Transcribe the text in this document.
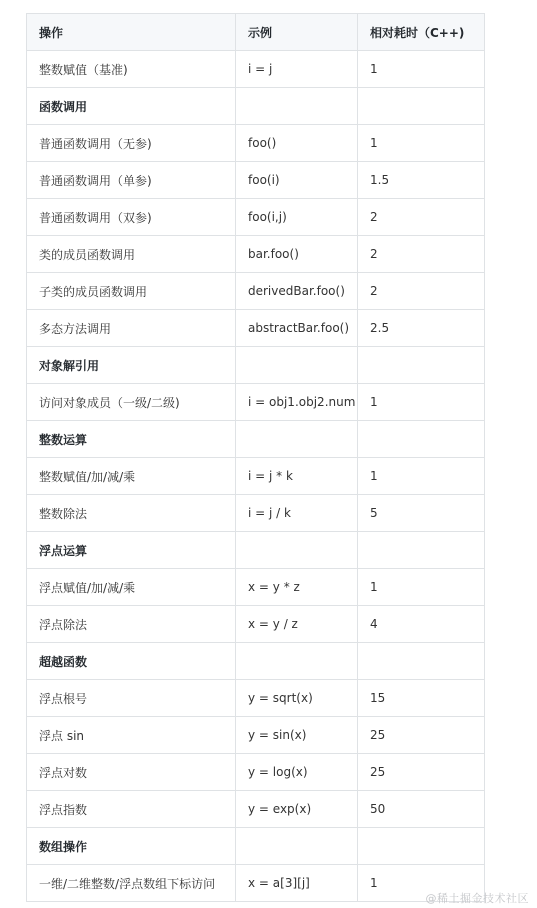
操作	示例	相对耗时（C++)
整数赋值（基准)	i = j	1
函数调用		
普通函数调用（无参)	foo()	1
普通函数调用（单参)	foo(i)	1.5
普通函数调用（双参)	foo(i,j)	2
类的成员函数调用	bar.foo()	2
子类的成员函数调用	derivedBar.foo()	2
多态方法调用	abstractBar.foo()	2.5
对象解引用		
访问对象成员（一级/二级)	i = obj1.obj2.num	1
整数运算		
整数赋值/加/减/乘	i = j * k	1
整数除法	i = j / k	5
浮点运算		
浮点赋值/加/减/乘	x = y * z	1
浮点除法	x = y / z	4
超越函数		
浮点根号	y = sqrt(x)	15
浮点 sin	y = sin(x)	25
浮点对数	y = log(x)	25
浮点指数	y = exp(x)	50
数组操作		
一维/二维整数/浮点数组下标访问	x = a[3][j]	1
@稀土掘金技术社区
